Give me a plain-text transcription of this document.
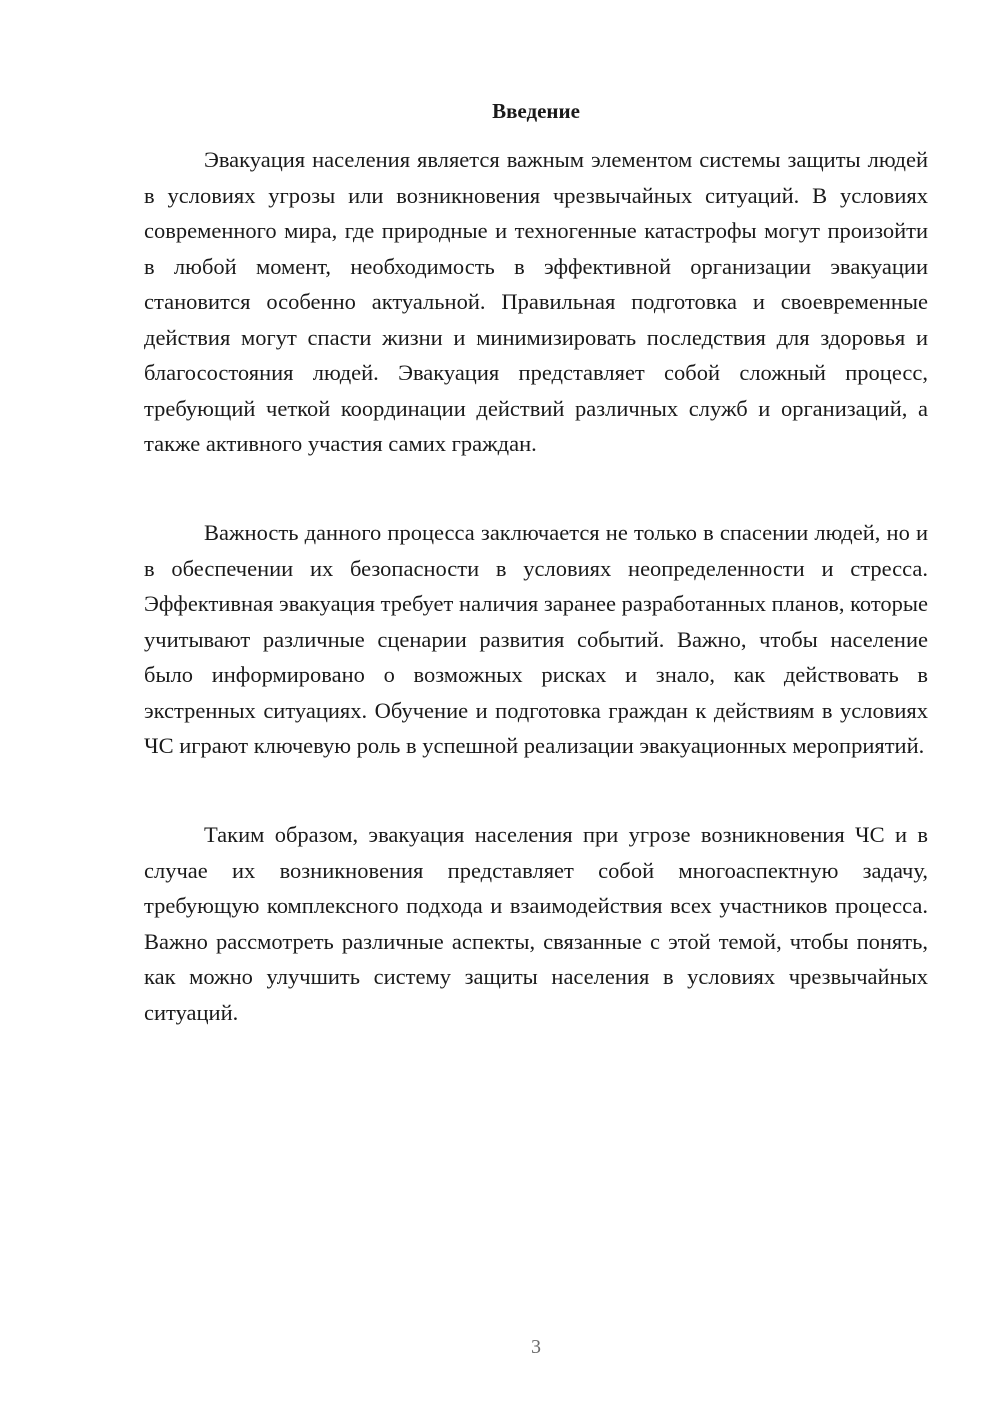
Введение

Эвакуация населения является важным элементом системы защиты людей в условиях угрозы или возникновения чрезвычайных ситуаций. В условиях современного мира, где природные и техногенные катастрофы могут произойти в любой момент, необходимость в эффективной организации эвакуации становится особенно актуальной. Правильная подготовка и своевременные действия могут спасти жизни и минимизировать последствия для здоровья и благосостояния людей. Эвакуация представляет собой сложный процесс, требующий четкой координации действий различных служб и организаций, а также активного участия самих граждан.

Важность данного процесса заключается не только в спасении людей, но и в обеспечении их безопасности в условиях неопределенности и стресса. Эффективная эвакуация требует наличия заранее разработанных планов, которые учитывают различные сценарии развития событий. Важно, чтобы население было информировано о возможных рисках и знало, как действовать в экстренных ситуациях. Обучение и подготовка граждан к действиям в условиях ЧС играют ключевую роль в успешной реализации эвакуационных мероприятий.

Таким образом, эвакуация населения при угрозе возникновения ЧС и в случае их возникновения представляет собой многоаспектную задачу, требующую комплексного подхода и взаимодействия всех участников процесса. Важно рассмотреть различные аспекты, связанные с этой темой, чтобы понять, как можно улучшить систему защиты населения в условиях чрезвычайных ситуаций.

3
